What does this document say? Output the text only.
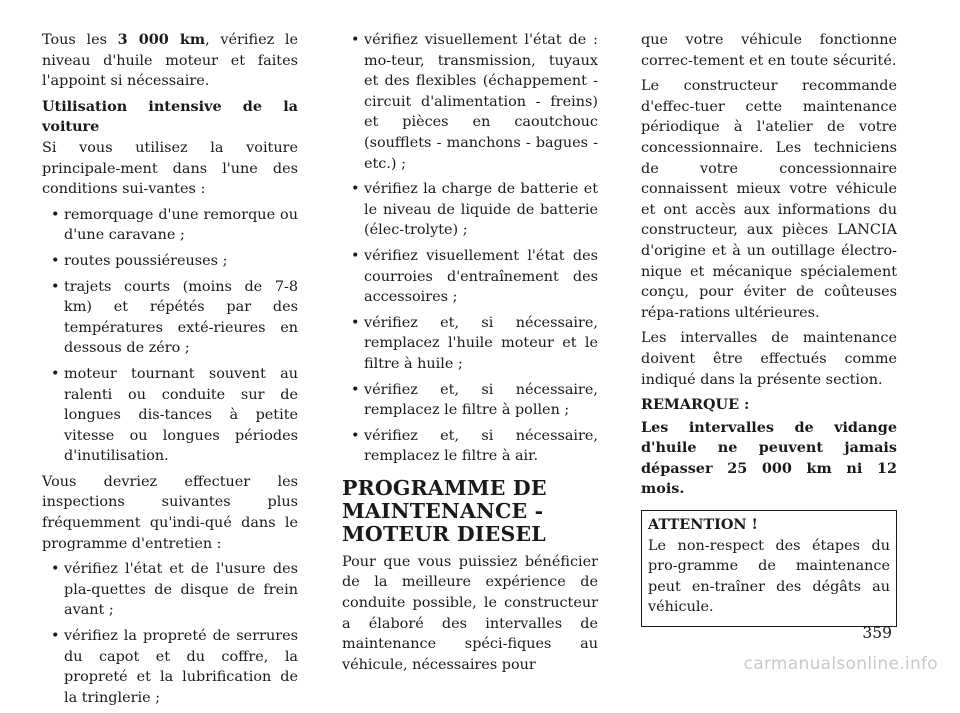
Tous les 3 000 km, vérifiez le niveau d'huile moteur et faites l'appoint si nécessaire.

Utilisation intensive de la voiture

Si vous utilisez la voiture principale-ment dans l'une des conditions sui-vantes :

• remorquage d'une remorque ou d'une caravane ;
• routes poussiéreuses ;
• trajets courts (moins de 7-8 km) et répétés par des températures exté-rieures en dessous de zéro ;
• moteur tournant souvent au ralenti ou conduite sur de longues dis-tances à petite vitesse ou longues périodes d'inutilisation.

Vous devriez effectuer les inspections suivantes plus fréquemment qu'indi-qué dans le programme d'entretien :

• vérifiez l'état et de l'usure des pla-quettes de disque de frein avant ;
• vérifiez la propreté de serrures du capot et du coffre, la propreté et la lubrification de la tringlerie ;
• vérifiez visuellement l'état de : mo-teur, transmission, tuyaux et des flexibles (échappement - circuit d'alimentation - freins) et pièces en caoutchouc (soufflets - manchons - bagues - etc.) ;
• vérifiez la charge de batterie et le niveau de liquide de batterie (élec-trolyte) ;
• vérifiez visuellement l'état des courroies d'entraînement des accessoires ;
• vérifiez et, si nécessaire, remplacez l'huile moteur et le filtre à huile ;
• vérifiez et, si nécessaire, remplacez le filtre à pollen ;
• vérifiez et, si nécessaire, remplacez le filtre à air.
PROGRAMME DE MAINTENANCE - MOTEUR DIESEL

Pour que vous puissiez bénéficier de la meilleure expérience de conduite possible, le constructeur a élaboré des intervalles de maintenance spéci-fiques au véhicule, nécessaires pour

que votre véhicule fonctionne correc-tement et en toute sécurité.

Le constructeur recommande d'effec-tuer cette maintenance périodique à l'atelier de votre concessionnaire. Les techniciens de votre concessionnaire connaissent mieux votre véhicule et ont accès aux informations du constructeur, aux pièces LANCIA d'origine et à un outillage électro-nique et mécanique spécialement conçu, pour éviter de coûteuses répa-rations ultérieures.

Les intervalles de maintenance doivent être effectués comme indiqué dans la présente section.

REMARQUE :

Les intervalles de vidange d'huile ne peuvent jamais dépasser 25 000 km ni 12 mois.

ATTENTION !

Le non-respect des étapes du pro-gramme de maintenance peut en-traîner des dégâts au véhicule.

359
carmanualsonline.info
